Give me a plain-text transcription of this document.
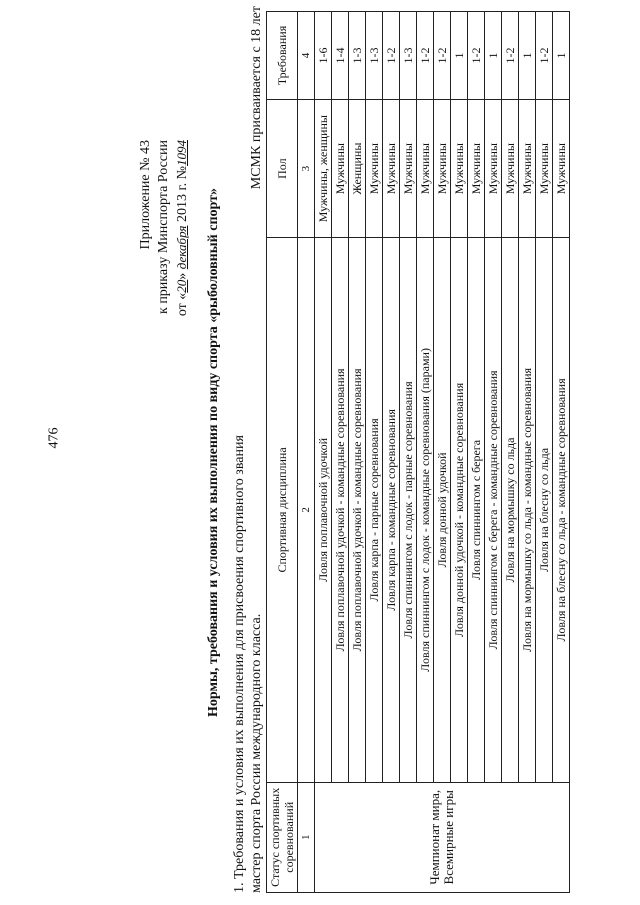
476
Приложение № 43 к приказу Минспорта России от «20» декабря 2013 г. №1094
Нормы, требования и условия их выполнения по виду спорта «рыболовный спорт» 1. Требования и условия их выполнения для присвоения спортивного звания мастер спорта России международного класса.
МСМК присваивается с 18 лет
Статус спортивных соревнований	Спортивная дисциплина	Пол	Требования
1	2	3	4
Чемпионат мира, Всемирные игры	Ловля поплавочной удочкой	Мужчины, женщины	1-6
	Ловля поплавочной удочкой - командные соревнования	Мужчины	1-4
	Ловля поплавочной удочкой - командные соревнования	Женщины	1-3
	Ловля карпа - парные соревнования	Мужчины	1-3
	Ловля карпа - командные соревнования	Мужчины	1-2
	Ловля спиннингом с лодок - парные соревнования	Мужчины	1-3
	Ловля спиннингом с лодок - командные соревнования (парами)	Мужчины	1-2
	Ловля донной удочкой	Мужчины	1-2
	Ловля донной удочкой - командные соревнования	Мужчины	1
	Ловля спиннингом с берега	Мужчины	1-2
	Ловля спиннингом с берега - командные соревнования	Мужчины	1
	Ловля на мормышку со льда	Мужчины	1-2
	Ловля на мормышку со льда - командные соревнования	Мужчины	1
	Ловля на блесну со льда	Мужчины	1-2
	Ловля на блесну со льда - командные соревнования	Мужчины	1
